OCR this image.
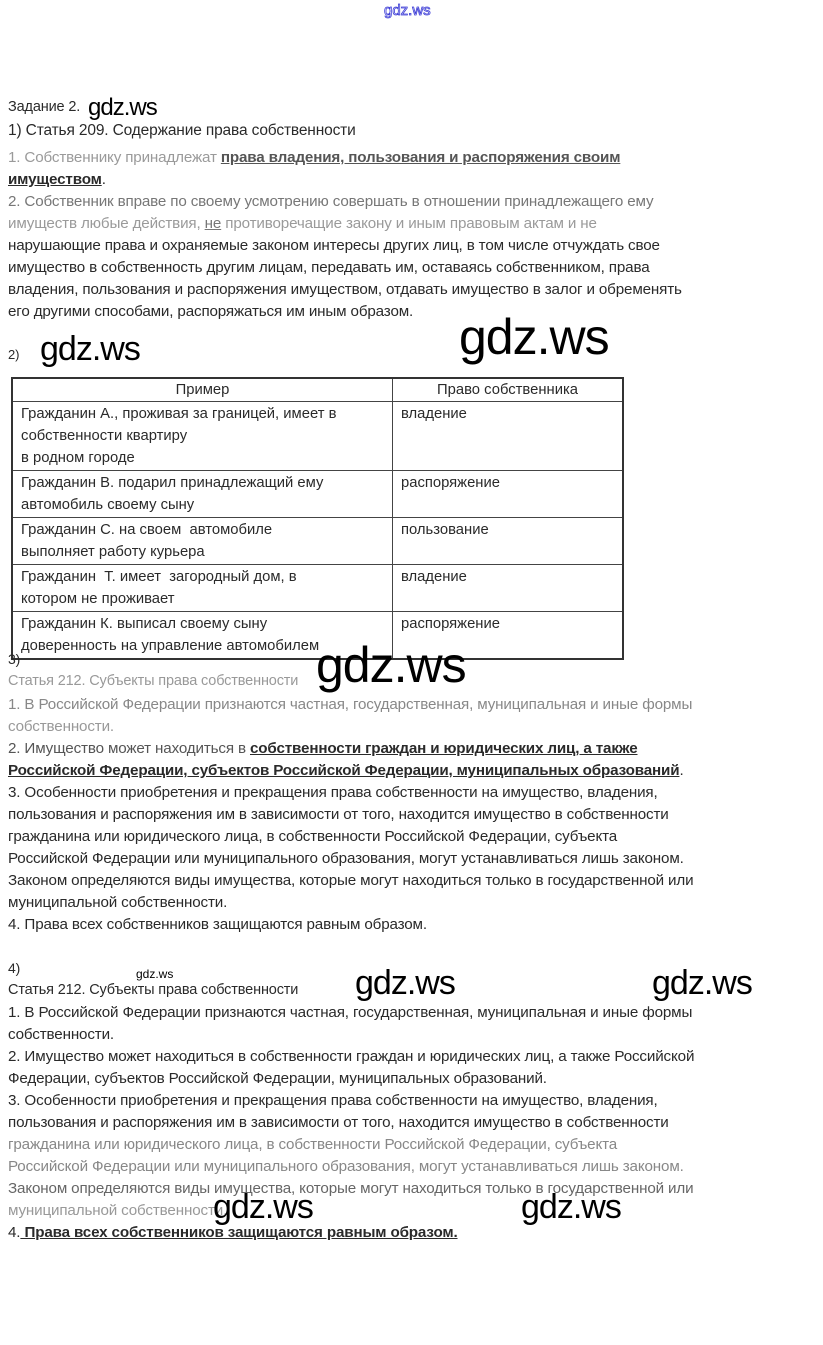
gdz.ws
Задание 2. gdz.ws
1) Статья 209. Содержание права собственности
1. Собственнику принадлежат права владения, пользования и распоряжения своим
имуществом.
2. Собственник вправе по своему усмотрению совершать в отношении принадлежащего ему
имуществ любые действия, не противоречащие закону и иным правовым актам и не
нарушающие права и охраняемые законом интересы других лиц, в том числе отчуждать свое
имущество в собственность другим лицам, передавать им, оставаясь собственником, права
владения, пользования и распоряжения имуществом, отдавать имущество в залог и обременять
его другими способами, распоряжаться им иным образом.
2) gdz.ws	gdz.ws
Пример	Право собственника

Гражданин А., проживая за границей, имеет в
собственности квартиру
в родном городе	владение

Гражданин В. подарил принадлежащий ему
автомобиль своему сыну	распоряжение

Гражданин С. на своем  автомобиле
выполняет работу курьера	пользование

Гражданин  Т. имеет  загородный дом, в
котором не проживает	владение

Гражданин К. выписал своему сыну
доверенность на управление автомобилем	распоряжение
3)
Статья 212. Субъекты права собственности gdz.ws
1. В Российской Федерации признаются частная, государственная, муниципальная и иные формы
собственности.
2. Имущество может находиться в собственности граждан и юридических лиц, а также
Российской Федерации, субъектов Российской Федерации, муниципальных образований.
3. Особенности приобретения и прекращения права собственности на имущество, владения,
пользования и распоряжения им в зависимости от того, находится имущество в собственности
гражданина или юридического лица, в собственности Российской Федерации, субъекта
Российской Федерации или муниципального образования, могут устанавливаться лишь законом.
Законом определяются виды имущества, которые могут находиться только в государственной или
муниципальной собственности.
4. Права всех собственников защищаются равным образом.
4)	gdz.ws
Статья 212. Субъекты права собственности gdz.ws	gdz.ws
1. В Российской Федерации признаются частная, государственная, муниципальная и иные формы
собственности.
2. Имущество может находиться в собственности граждан и юридических лиц, а также Российской
Федерации, субъектов Российской Федерации, муниципальных образований.
3. Особенности приобретения и прекращения права собственности на имущество, владения,
пользования и распоряжения им в зависимости от того, находится имущество в собственности
гражданина или юридического лица, в собственности Российской Федерации, субъекта
Российской Федерации или муниципального образования, могут устанавливаться лишь законом.
Законом определяются виды имущества, которые могут находиться только в государственной или
муниципальной собственности.
gdz.ws	gdz.ws
4. Права всех собственников защищаются равным образом.
